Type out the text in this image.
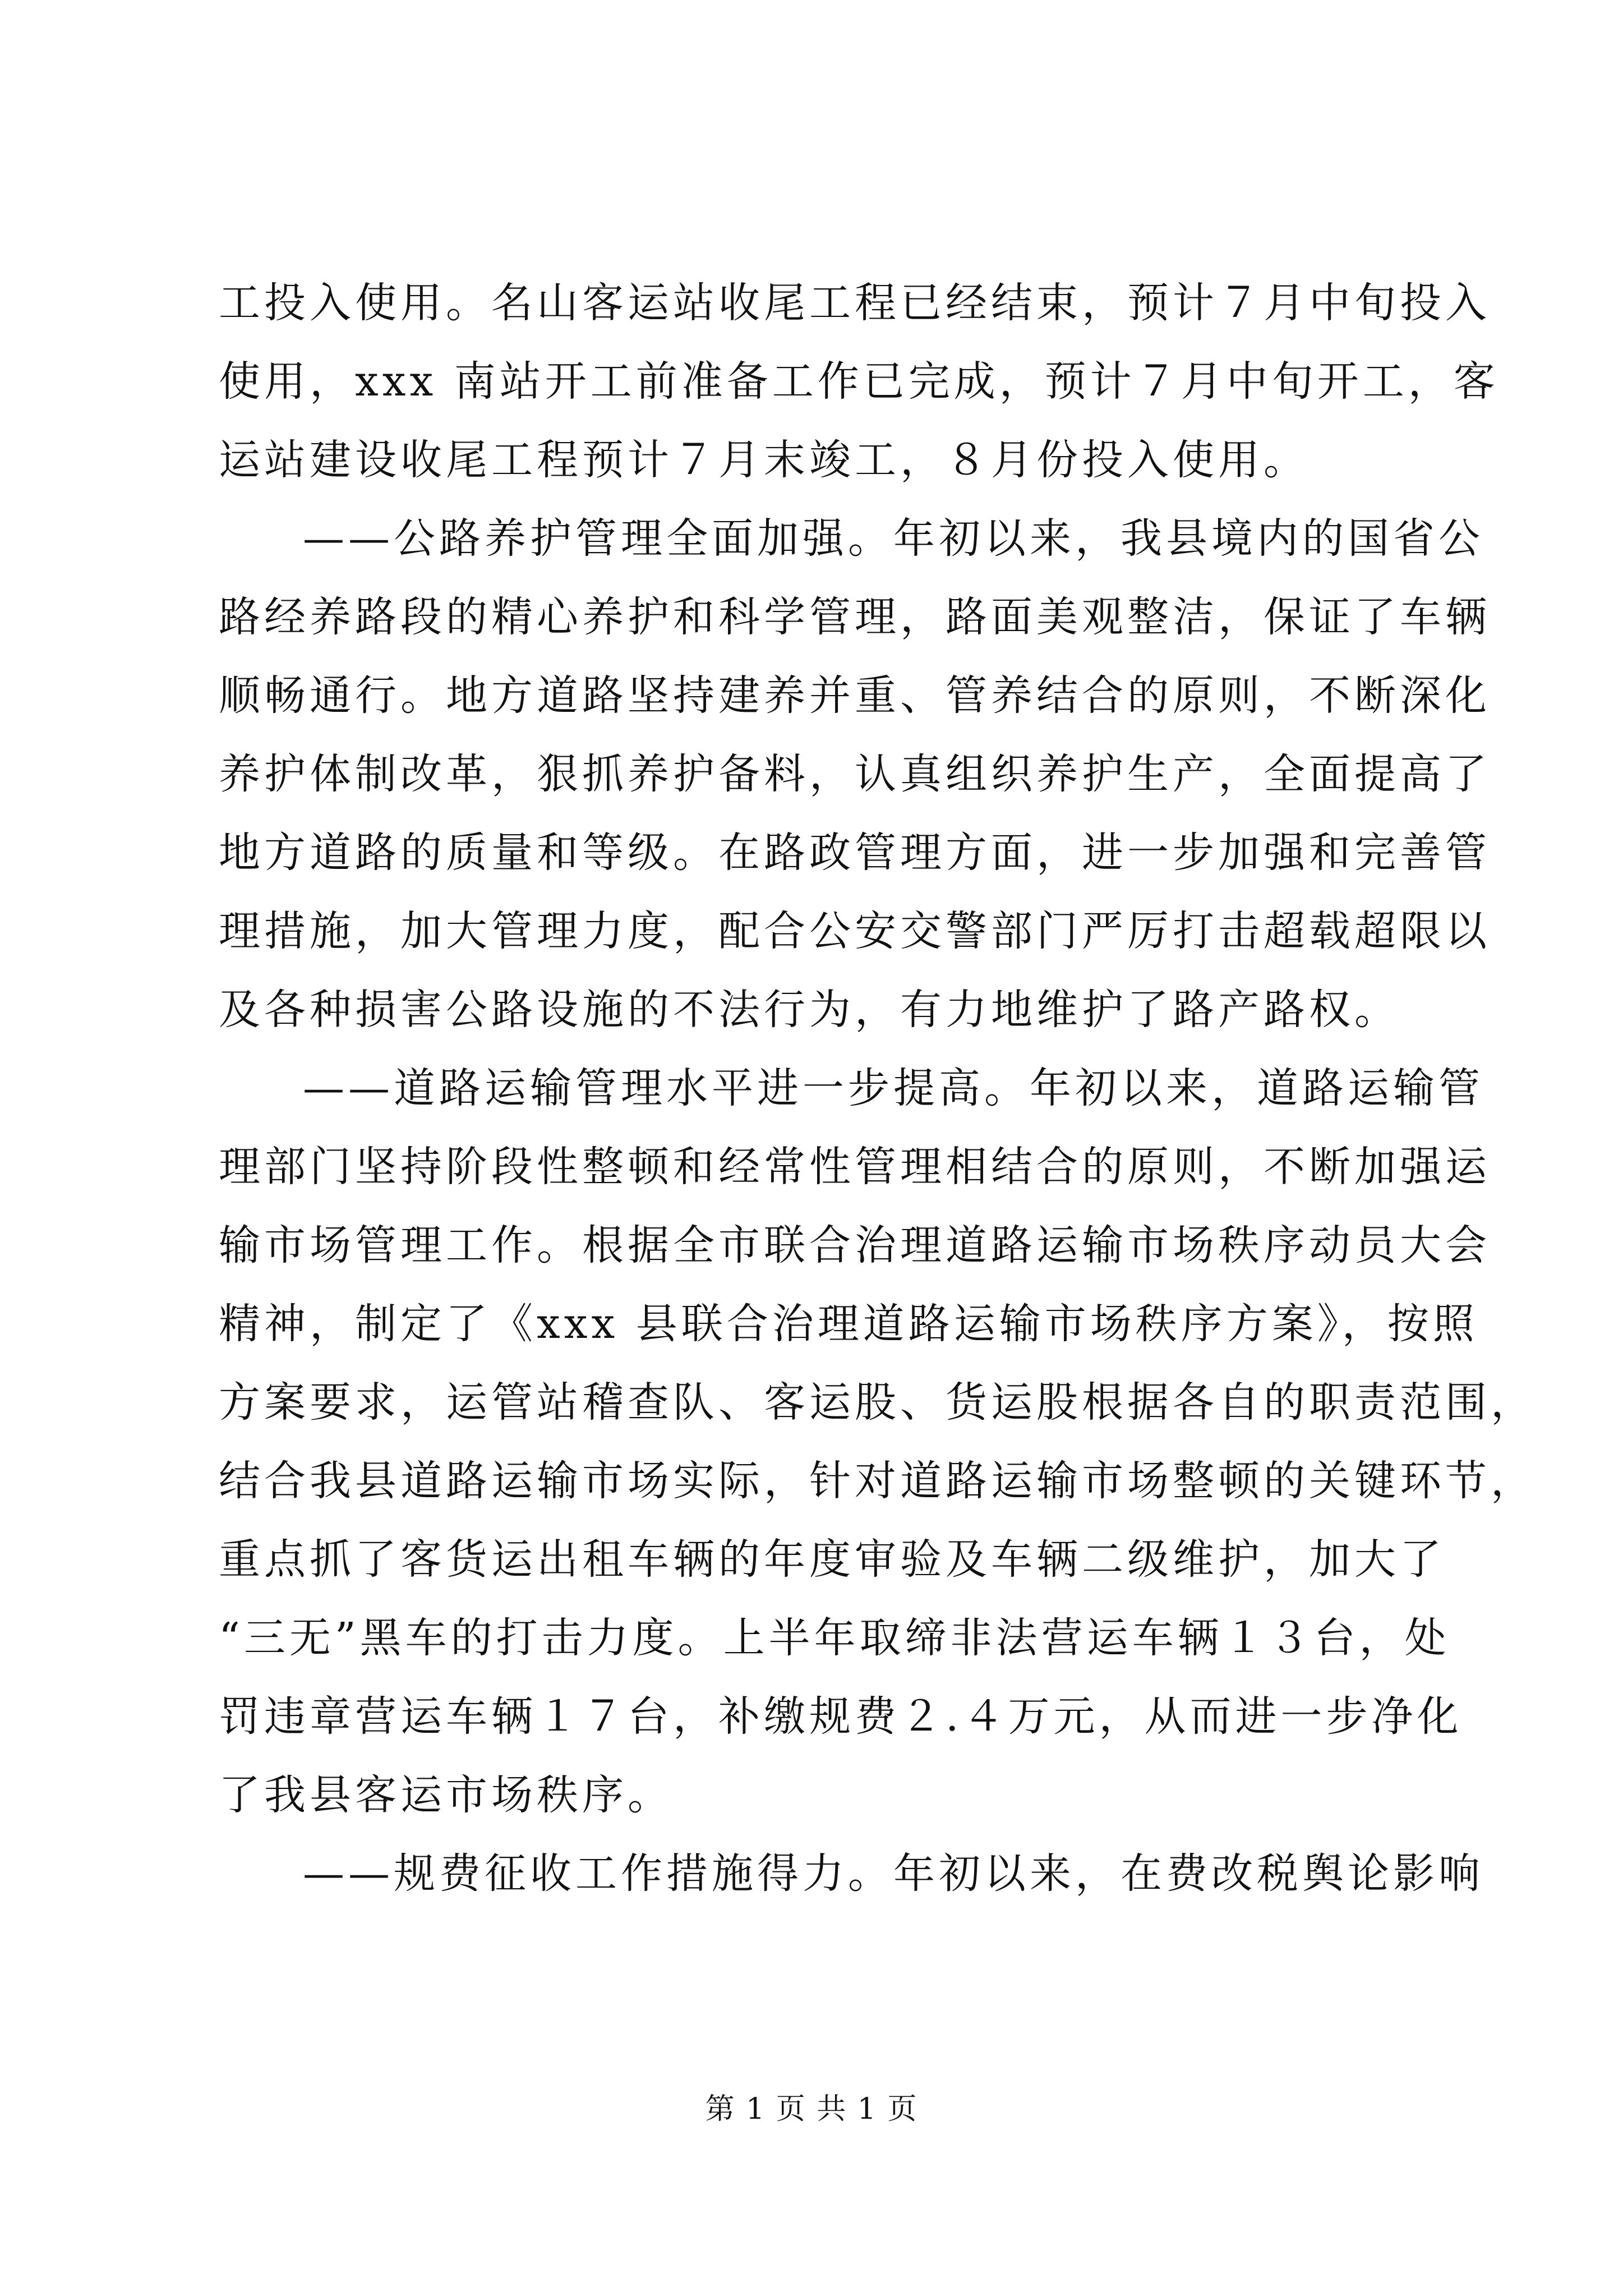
工投入使用。名山客运站收尾工程已经结束，预计７月中旬投入
使用，xxx 南站开工前准备工作已完成，预计７月中旬开工，客
运站建设收尾工程预计７月末竣工，８月份投入使用。
——公路养护管理全面加强。年初以来，我县境内的国省公
路经养路段的精心养护和科学管理，路面美观整洁，保证了车辆
顺畅通行。地方道路坚持建养并重、管养结合的原则，不断深化
养护体制改革，狠抓养护备料，认真组织养护生产，全面提高了
地方道路的质量和等级。在路政管理方面，进一步加强和完善管
理措施，加大管理力度，配合公安交警部门严厉打击超载超限以
及各种损害公路设施的不法行为，有力地维护了路产路权。
——道路运输管理水平进一步提高。年初以来，道路运输管
理部门坚持阶段性整顿和经常性管理相结合的原则，不断加强运
输市场管理工作。根据全市联合治理道路运输市场秩序动员大会
精神，制定了《xxx 县联合治理道路运输市场秩序方案》，按照
方案要求，运管站稽查队、客运股、货运股根据各自的职责范围，
结合我县道路运输市场实际，针对道路运输市场整顿的关键环节，
重点抓了客货运出租车辆的年度审验及车辆二级维护，加大了
“三无”黑车的打击力度。上半年取缔非法营运车辆１３台，处
罚违章营运车辆１７台，补缴规费２.４万元，从而进一步净化
了我县客运市场秩序。
——规费征收工作措施得力。年初以来，在费改税舆论影响
第 1 页 共 1 页
